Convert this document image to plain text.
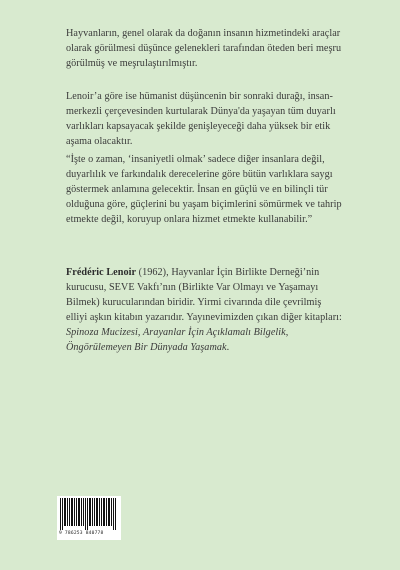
Hayvanların, genel olarak da doğanın insanın hizmetindeki araçlar olarak görülmesi düşünce gelenekleri tarafından öteden beri meşru görülmüş ve meşrulaştırılmıştır.

Lenoir’a göre ise hümanist düşüncenin bir sonraki durağı, insan-merkezli çerçevesinden kurtularak Dünya'da yaşayan tüm duyarlı varlıkları kapsayacak şekilde genişleyeceği daha yüksek bir etik aşama olacaktır.

“İşte o zaman, ‘insaniyetli olmak’ sadece diğer insanlara değil, duyarlılık ve farkındalık derecelerine göre bütün varlıklara saygı göstermek anlamına gelecektir. İnsan en güçlü ve en bilinçli tür olduğuna göre, güçlerini bu yaşam biçimlerini sömürmek ve tahrip etmekte değil, koruyup onlara hizmet etmekte kullanabilir.”

Frédéric Lenoir (1962), Hayvanlar İçin Birlikte Derneği’nin kurucusu, SEVE Vakfı’nın (Birlikte Var Olmayı ve Yaşamayı Bilmek) kurucularından biridir. Yirmi civarında dile çevrilmiş elliyi aşkın kitabın yazarıdır. Yayınevimizden çıkan diğer kitapları: Spinoza Mucizesi, Arayanlar İçin Açıklamalı Bilgelik, Öngörülemeyen Bir Dünyada Yaşamak.

9 786253 840778
